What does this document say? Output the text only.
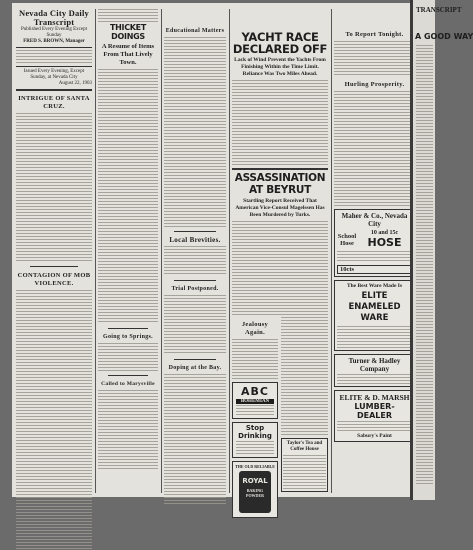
Nevada City Daily Transcript
Published Every Evening Except Sunday
FRED S. BROWN, Manager
Issued Every Evening, Except Sunday, at Nevada City
August 22, 1903
INTRIGUE OF SANTA CRUZ.
CONTAGION OF MOB VIOLENCE.
THICKET DOINGS
A Resume of Items From That Lively Town.
Going to Springs.
Called to Marysville
Educational Matters
Local Brevities.
Trial Postponed.
Doping at the Bay.
YACHT RACE DECLARED OFF
Lack of Wind Prevent the Yachts From Finishing Within the Time Limit. Reliance Was Two Miles Ahead.
ASSASSINATION AT BEYRUT
Startling Report Received That American Vice-Consul Magelssen Has Been Murdered by Turks.
Jealousy Again.
ABC
BOHEMIAN
Stop Drinking
THE OLD RELIABLE
ROYAL
BAKING POWDER
Taylor's Tea and Coffee House
To Report Tonight.
Hurling Prosperity.
Maher & Co., Nevada City
School Hose
10 and 15c
HOSE
10cts
The Best Ware Made Is
ELITE ENAMELED WARE
Turner & Hadley Company
ELITE & D. MARSH
LUMBER-DEALER
Sabury's Paint
TRANSCRIPT
A GOOD WAY
